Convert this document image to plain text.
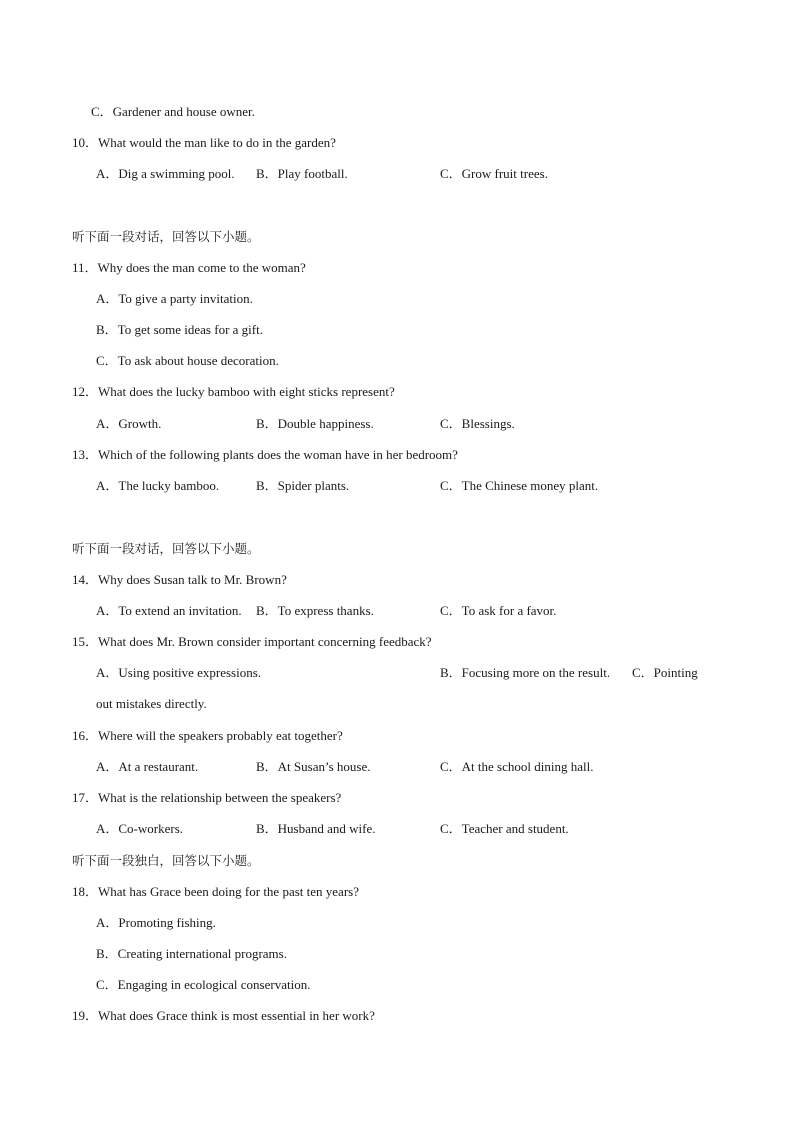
C．Gardener and house owner.
10．What would the man like to do in the garden?
A．Dig a swimming pool. B．Play football.	C．Grow fruit trees.
听下面一段对话，回答以下小题。
11．Why does the man come to the woman?
A．To give a party invitation.
B．To get some ideas for a gift.
C．To ask about house decoration.
12．What does the lucky bamboo with eight sticks represent?
A．Growth.	B．Double happiness.	C．Blessings.
13．Which of the following plants does the woman have in her bedroom?
A．The lucky bamboo.	B．Spider plants.	C．The Chinese money plant.
听下面一段对话，回答以下小题。
14．Why does Susan talk to Mr. Brown?
A．To extend an invitation. B．To express thanks.	C．To ask for a favor.
15．What does Mr. Brown consider important concerning feedback?
A．Using positive expressions.	B．Focusing more on the result. C．Pointing
out mistakes directly.
16．Where will the speakers probably eat together?
A．At a restaurant.	B．At Susan’s house.	C．At the school dining hall.
17．What is the relationship between the speakers?
A．Co-workers.	B．Husband and wife.	C．Teacher and student.
听下面一段独白，回答以下小题。
18．What has Grace been doing for the past ten years?
A．Promoting fishing.
B．Creating international programs.
C．Engaging in ecological conservation.
19．What does Grace think is most essential in her work?
